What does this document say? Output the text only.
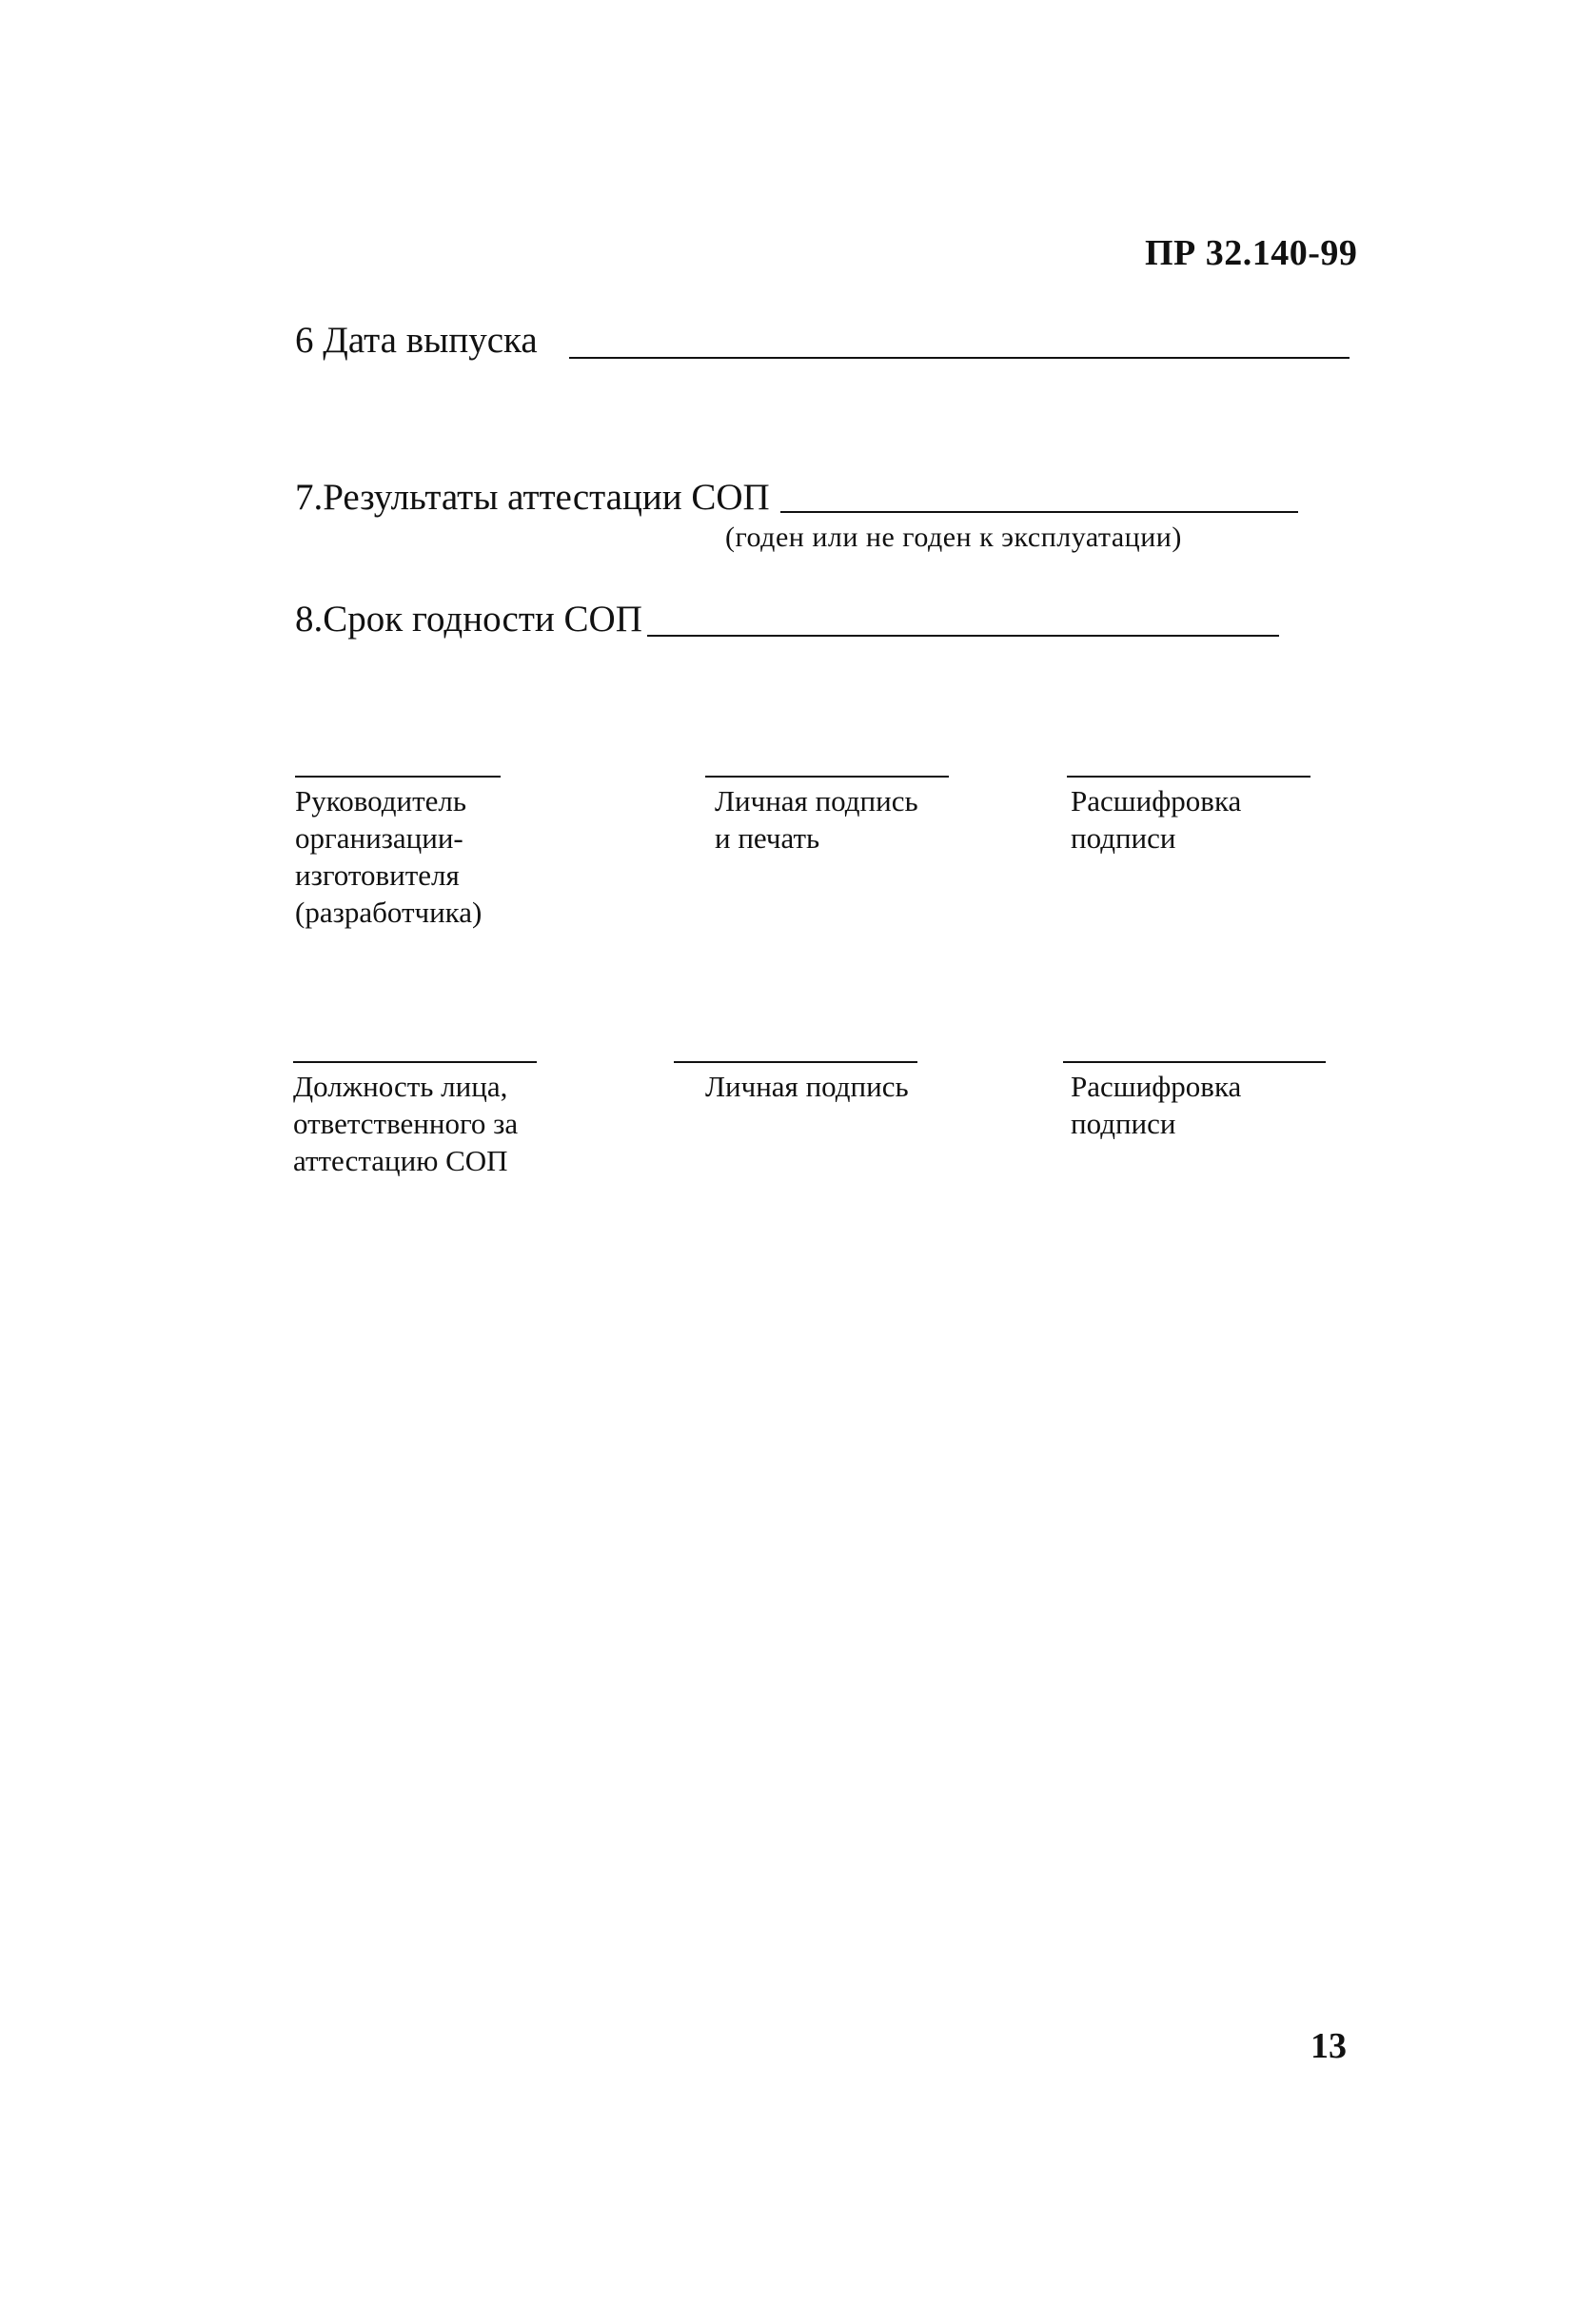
ПР 32.140-99
6 Дата выпуска
7.Результаты аттестации СОП
(годен или не годен к эксплуатации)
8.Срок годности СОП
Руководитель
организации-
изготовителя
(разработчика)
Личная подпись
и печать
Расшифровка
подписи
Должность лица,
ответственного за
аттестацию СОП
Личная подпись	Расшифровка
подписи
13
